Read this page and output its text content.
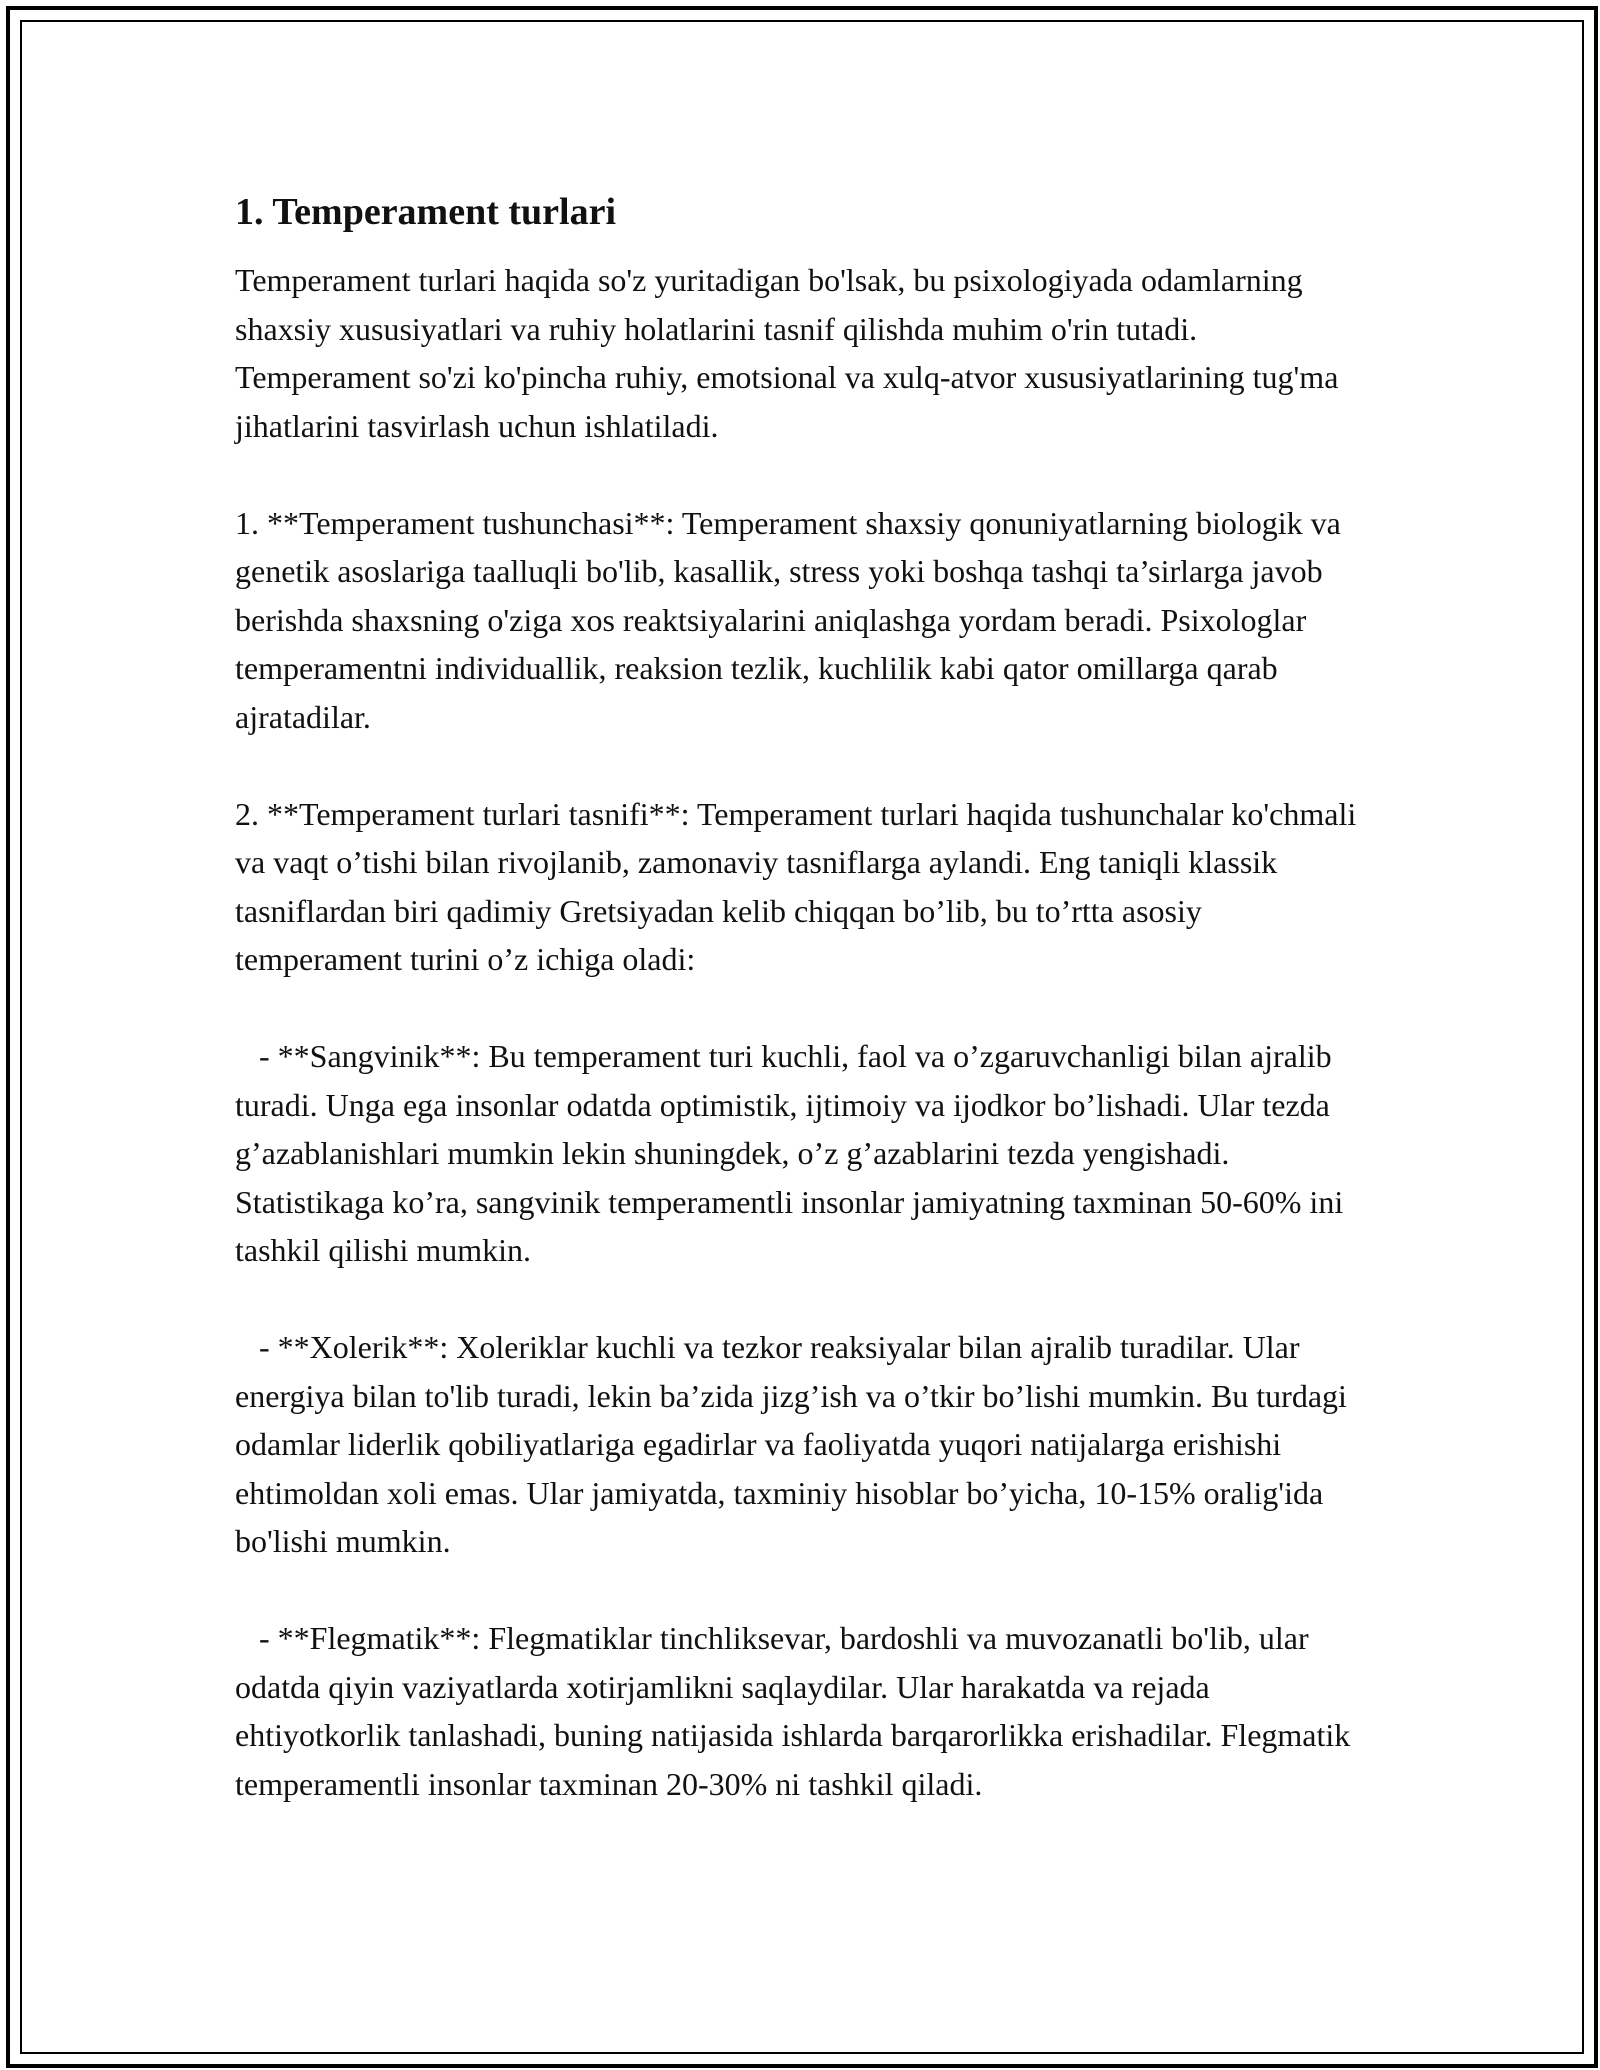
1. Temperament turlari

Temperament turlari haqida so'z yuritadigan bo'lsak, bu psixologiyada odamlarning shaxsiy xususiyatlari va ruhiy holatlarini tasnif qilishda muhim o'rin tutadi. Temperament so'zi ko'pincha ruhiy, emotsional va xulq-atvor xususiyatlarining tug'ma jihatlarini tasvirlash uchun ishlatiladi.

1. **Temperament tushunchasi**: Temperament shaxsiy qonuniyatlarning biologik va genetik asoslariga taalluqli bo'lib, kasallik, stress yoki boshqa tashqi ta’sirlarga javob berishda shaxsning o'ziga xos reaktsiyalarini aniqlashga yordam beradi. Psixologlar temperamentni individuallik, reaksion tezlik, kuchlilik kabi qator omillarga qarab ajratadilar.

2. **Temperament turlari tasnifi**: Temperament turlari haqida tushunchalar ko'chmali va vaqt o’tishi bilan rivojlanib, zamonaviy tasniflarga aylandi. Eng taniqli klassik tasniflardan biri qadimiy Gretsiyadan kelib chiqqan bo’lib, bu to’rtta asosiy temperament turini o’z ichiga oladi:

- **Sangvinik**: Bu temperament turi kuchli, faol va o’zgaruvchanligi bilan ajralib turadi. Unga ega insonlar odatda optimistik, ijtimoiy va ijodkor bo’lishadi. Ular tezda g’azablanishlari mumkin lekin shuningdek, o’z g’azablarini tezda yengishadi. Statistikaga ko’ra, sangvinik temperamentli insonlar jamiyatning taxminan 50-60% ini tashkil qilishi mumkin.

- **Xolerik**: Xoleriklar kuchli va tezkor reaksiyalar bilan ajralib turadilar. Ular energiya bilan to'lib turadi, lekin ba’zida jizg’ish va o’tkir bo’lishi mumkin. Bu turdagi odamlar liderlik qobiliyatlariga egadirlar va faoliyatda yuqori natijalarga erishishi ehtimoldan xoli emas. Ular jamiyatda, taxminiy hisoblar bo’yicha, 10-15% oralig'ida bo'lishi mumkin.

- **Flegmatik**: Flegmatiklar tinchliksevar, bardoshli va muvozanatli bo'lib, ular odatda qiyin vaziyatlarda xotirjamlikni saqlaydilar. Ular harakatda va rejada ehtiyotkorlik tanlashadi, buning natijasida ishlarda barqarorlikka erishadilar. Flegmatik temperamentli insonlar taxminan 20-30% ni tashkil qiladi.
